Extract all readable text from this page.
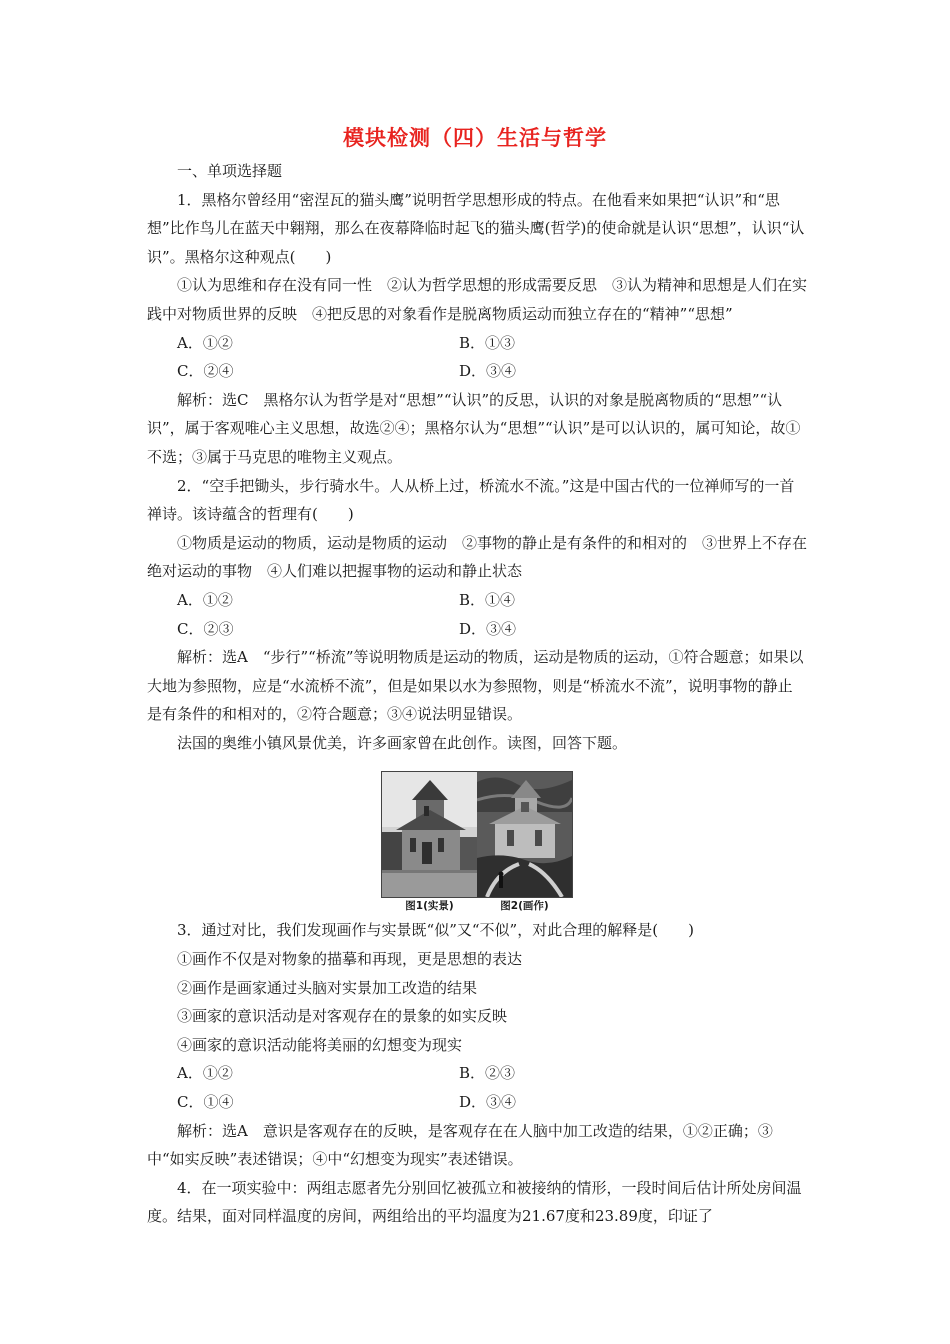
模块检测（四）生活与哲学

一、单项选择题

1．黑格尔曾经用“密涅瓦的猫头鹰”说明哲学思想形成的特点。在他看来如果把“认识”和“思想”比作鸟儿在蓝天中翱翔，那么在夜幕降临时起飞的猫头鹰(哲学)的使命就是认识“思想”，认识“认识”。黑格尔这种观点(　　)

①认为思维和存在没有同一性　②认为哲学思想的形成需要反思　③认为精神和思想是人们在实践中对物质世界的反映　④把反思的对象看作是脱离物质运动而独立存在的“精神”“思想”

A．①②	B．①③
C．②④	D．③④

解析：选C　黑格尔认为哲学是对“思想”“认识”的反思，认识的对象是脱离物质的“思想”“认识”，属于客观唯心主义思想，故选②④；黑格尔认为“思想”“认识”是可以认识的，属可知论，故①不选；③属于马克思的唯物主义观点。

2．“空手把锄头，步行骑水牛。人从桥上过，桥流水不流。”这是中国古代的一位禅师写的一首禅诗。该诗蕴含的哲理有(　　)

①物质是运动的物质，运动是物质的运动　②事物的静止是有条件的和相对的　③世界上不存在绝对运动的事物　④人们难以把握事物的运动和静止状态

A．①②	B．①④
C．②③	D．③④

解析：选A　“步行”“桥流”等说明物质是运动的物质，运动是物质的运动，①符合题意；如果以大地为参照物，应是“水流桥不流”，但是如果以水为参照物，则是“桥流水不流”，说明事物的静止是有条件的和相对的，②符合题意；③④说法明显错误。

法国的奥维小镇风景优美，许多画家曾在此创作。读图，回答下题。

图1(实景)	图2(画作)

3．通过对比，我们发现画作与实景既“似”又“不似”，对此合理的解释是(　　)

①画作不仅是对物象的描摹和再现，更是思想的表达

②画作是画家通过头脑对实景加工改造的结果

③画家的意识活动是对客观存在的景象的如实反映

④画家的意识活动能将美丽的幻想变为现实

A．①②	B．②③
C．①④	D．③④

解析：选A　意识是客观存在的反映，是客观存在在人脑中加工改造的结果，①②正确；③中“如实反映”表述错误；④中“幻想变为现实”表述错误。

4．在一项实验中：两组志愿者先分别回忆被孤立和被接纳的情形，一段时间后估计所处房间温度。结果，面对同样温度的房间，两组给出的平均温度为21.67度和23.89度，印证了
